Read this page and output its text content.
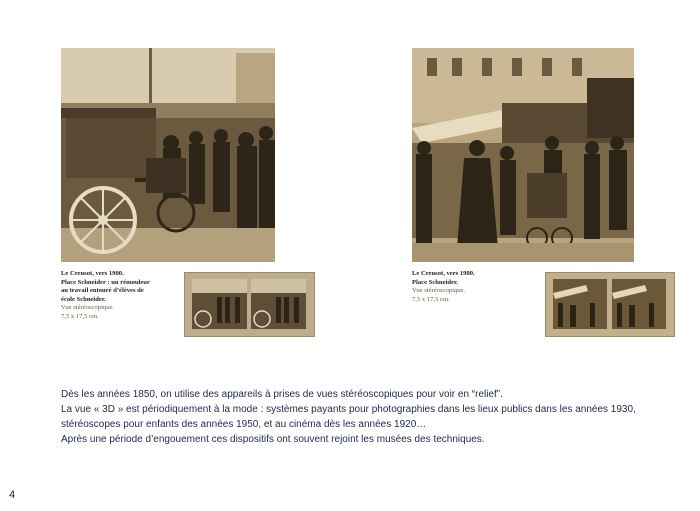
Le Creusot, vers 1900.
Place Schneider : un rémouleur
au travail entouré d’élèves de
école Schneider.
Vue stéréoscopique.
7,5 x 17,5 cm.
Le Creusot, vers 1900.
Place Schneider.
Vue stéréoscopique.
7,5 x 17,5 cm.

Dès les années 1850, on utilise des appareils à prises de vues stéréoscopiques pour voir en “relief”.

La vue « 3D » est périodiquement à la mode : systèmes payants pour photographies dans les lieux publics dans les années 1930, stéréoscopes pour enfants des années 1950, et au cinéma dès les années 1920…

Après une période d’engouement ces dispositifs ont souvent rejoint les musées des techniques.

4
